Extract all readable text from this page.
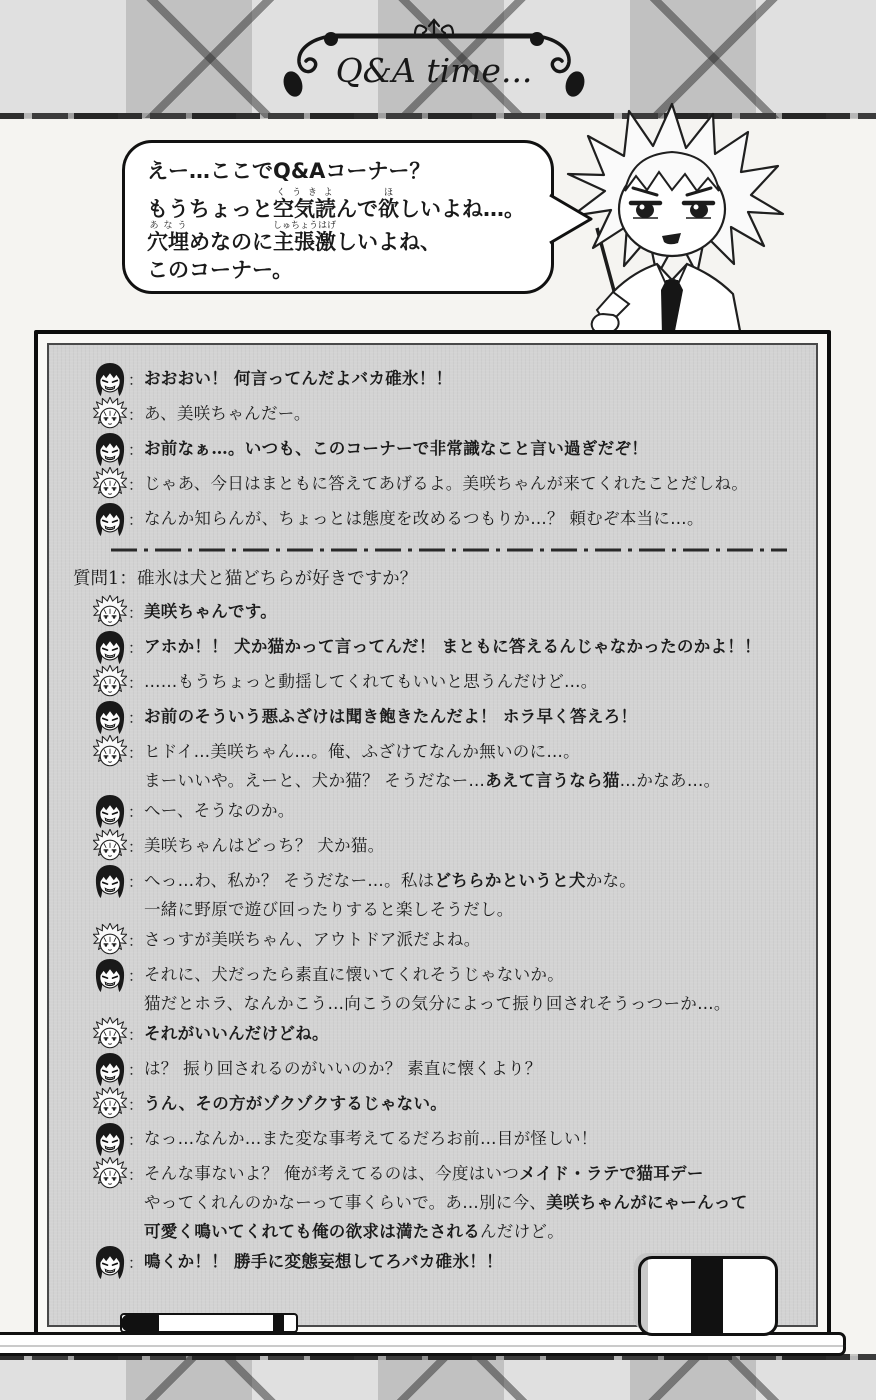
Q&A time...
えー…ここでQ&Aコーナー？
もうちょっと空気読くうきよんで欲ほしいよね…。
穴埋あなうめなのに主張激しゅちょうはげしいよね、
このコーナー。
： おおおい！ 何言ってんだよバカ碓氷！！
： あ、美咲ちゃんだー。
： お前なぁ…。いつも、このコーナーで非常識なこと言い過ぎだぞ！
： じゃあ、今日はまともに答えてあげるよ。美咲ちゃんが来てくれたことだしね。
： なんか知らんが、ちょっとは態度を改めるつもりか…？ 頼むぞ本当に…。
質問1 ： 碓氷は犬と猫どちらが好きですか？
： 美咲ちゃんです。
： アホか！！ 犬か猫かって言ってんだ！ まともに答えるんじゃなかったのかよ！！
： ……もうちょっと動揺してくれてもいいと思うんだけど…。
： お前のそういう悪ふざけは聞き飽きたんだよ！ ホラ早く答えろ！
： ヒドイ…美咲ちゃん…。俺、ふざけてなんか無いのに…。
まーいいや。えーと、犬か猫？ そうだなー…あえて言うなら猫…かなあ…。
： へー、そうなのか。
： 美咲ちゃんはどっち？ 犬か猫。
： へっ…わ、私か？ そうだなー…。私はどちらかというと犬かな。
一緒に野原で遊び回ったりすると楽しそうだし。
： さっすが美咲ちゃん、アウトドア派だよね。
： それに、犬だったら素直に懐いてくれそうじゃないか。
猫だとホラ、なんかこう…向こうの気分によって振り回されそうっつーか…。
： それがいいんだけどね。
： は？ 振り回されるのがいいのか？ 素直に懐くより？
： うん、その方がゾクゾクするじゃない。
： なっ…なんか…また変な事考えてるだろお前…目が怪しい！
： そんな事ないよ？ 俺が考えてるのは、今度はいつメイド・ラテで猫耳デー
やってくれんのかなーって事くらいで。あ…別に今、美咲ちゃんがにゃーんって
可愛く鳴いてくれても俺の欲求は満たされるんだけど。
： 鳴くか！！ 勝手に変態妄想してろバカ碓氷！！
